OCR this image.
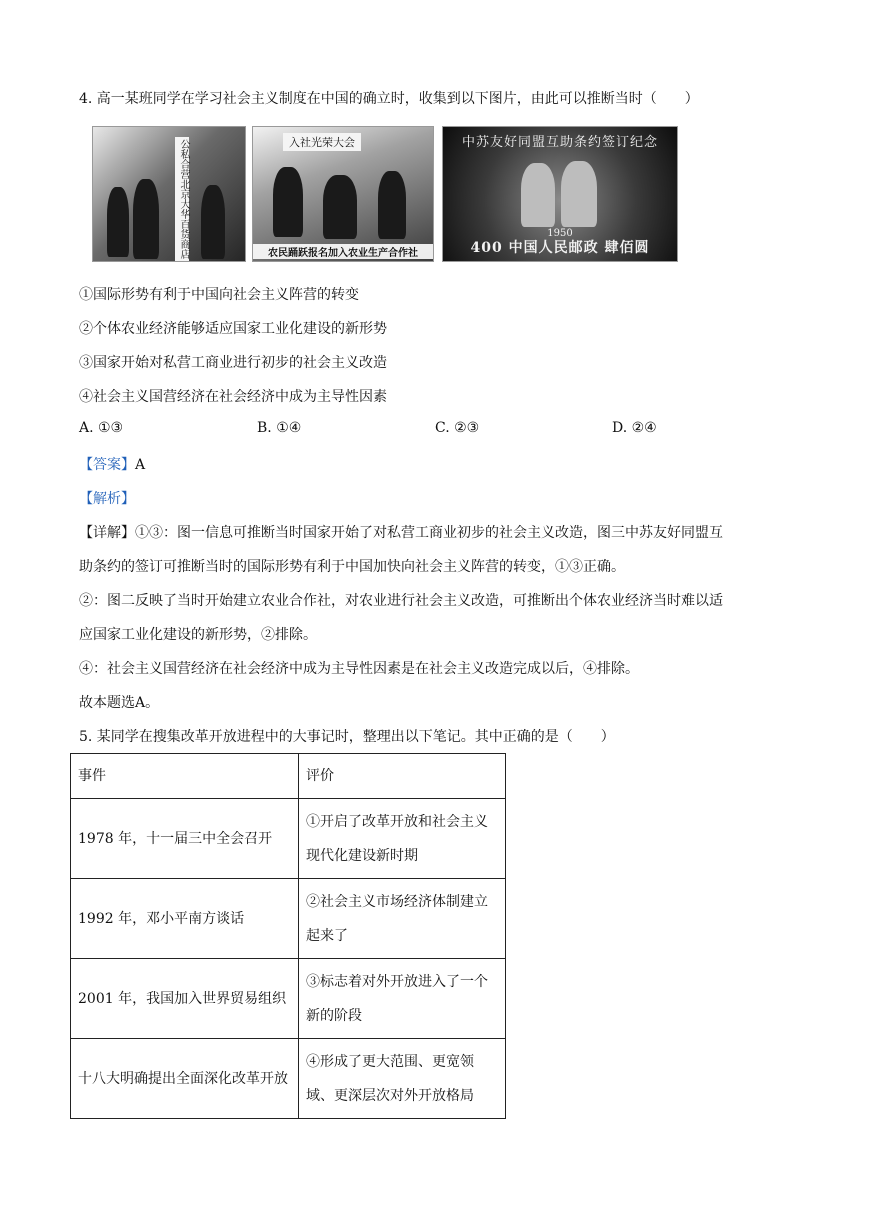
4. 高一某班同学在学习社会主义制度在中国的确立时，收集到以下图片，由此可以推断当时（　　）
公私合营北京大华百货商店	入社光荣大会
农民踊跃报名加入农业生产合作社
中苏友好同盟互助条约签订纪念
1950
400 中国人民邮政 肆佰圆
①国际形势有利于中国向社会主义阵营的转变
②个体农业经济能够适应国家工业化建设的新形势
③国家开始对私营工商业进行初步的社会主义改造
④社会主义国营经济在社会经济中成为主导性因素
A. ①③	B. ①④	C. ②③	D. ②④
【答案】A
【解析】
【详解】①③：图一信息可推断当时国家开始了对私营工商业初步的社会主义改造，图三中苏友好同盟互
助条约的签订可推断当时的国际形势有利于中国加快向社会主义阵营的转变，①③正确。
②：图二反映了当时开始建立农业合作社，对农业进行社会主义改造，可推断出个体农业经济当时难以适
应国家工业化建设的新形势，②排除。
④：社会主义国营经济在社会经济中成为主导性因素是在社会主义改造完成以后，④排除。
故本题选A。
5. 某同学在搜集改革开放进程中的大事记时，整理出以下笔记。其中正确的是（　　）
事件	评价
1978 年，十一届三中全会召开	①开启了改革开放和社会主义现代化建设新时期
1992 年，邓小平南方谈话	②社会主义市场经济体制建立起来了
2001 年，我国加入世界贸易组织	③标志着对外开放进入了一个新的阶段
十八大明确提出全面深化改革开放	④形成了更大范围、更宽领域、更深层次对外开放格局
